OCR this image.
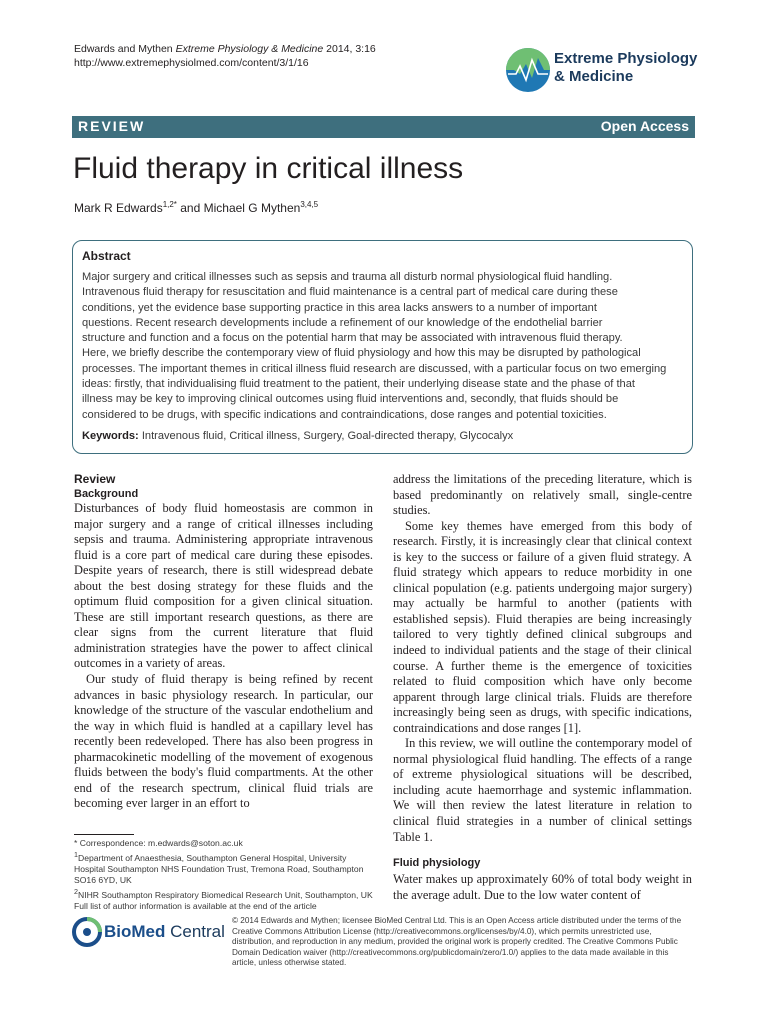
Edwards and Mythen Extreme Physiology & Medicine 2014, 3:16
http://www.extremephysiolmed.com/content/3/1/16	Extreme Physiology
& Medicine
REVIEW	Open Access
Fluid therapy in critical illness
Mark R Edwards$^{1,2*}$ and Michael G Mythen$^{3,4,5}$
Abstract
Major surgery and critical illnesses such as sepsis and trauma all disturb normal physiological fluid handling.
Intravenous fluid therapy for resuscitation and fluid maintenance is a central part of medical care during these
conditions, yet the evidence base supporting practice in this area lacks answers to a number of important
questions. Recent research developments include a refinement of our knowledge of the endothelial barrier
structure and function and a focus on the potential harm that may be associated with intravenous fluid therapy.
Here, we briefly describe the contemporary view of fluid physiology and how this may be disrupted by pathological
processes. The important themes in critical illness fluid research are discussed, with a particular focus on two emerging
ideas: firstly, that individualising fluid treatment to the patient, their underlying disease state and the phase of that
illness may be key to improving clinical outcomes using fluid interventions and, secondly, that fluids should be
considered to be drugs, with specific indications and contraindications, dose ranges and potential toxicities.
Keywords: Intravenous fluid, Critical illness, Surgery, Goal-directed therapy, Glycocalyx
Review
Background

Disturbances of body fluid homeostasis are common in major surgery and a range of critical illnesses including sepsis and trauma. Administering appropriate intravenous fluid is a core part of medical care during these episodes. Despite years of research, there is still widespread debate about the best dosing strategy for these fluids and the optimum fluid composition for a given clinical situation. These are still important research questions, as there are clear signs from the current literature that fluid administration strategies have the power to affect clinical outcomes in a variety of areas.

Our study of fluid therapy is being refined by recent advances in basic physiology research. In particular, our knowledge of the structure of the vascular endothelium and the way in which fluid is handled at a capillary level has recently been redeveloped. There has also been progress in pharmacokinetic modelling of the movement of exogenous fluids between the body's fluid compartments. At the other end of the research spectrum, clinical fluid trials are becoming ever larger in an effort to

address the limitations of the preceding literature, which is based predominantly on relatively small, single-centre studies.

Some key themes have emerged from this body of research. Firstly, it is increasingly clear that clinical context is key to the success or failure of a given fluid strategy. A fluid strategy which appears to reduce morbidity in one clinical population (e.g. patients undergoing major surgery) may actually be harmful to another (patients with established sepsis). Fluid therapies are being increasingly tailored to very tightly defined clinical subgroups and indeed to individual patients and the stage of their clinical course. A further theme is the emergence of toxicities related to fluid composition which have only become apparent through large clinical trials. Fluids are therefore increasingly being seen as drugs, with specific indications, contraindications and dose ranges [1].

In this review, we will outline the contemporary model of normal physiological fluid handling. The effects of a range of extreme physiological situations will be described, including acute haemorrhage and systemic inflammation. We will then review the latest literature in relation to clinical fluid strategies in a number of clinical settings Table 1.

Fluid physiology

Water makes up approximately 60% of total body weight in the average adult. Due to the low water content of

* Correspondence: m.edwards@soton.ac.uk

$^1$Department of Anaesthesia, Southampton General Hospital, University Hospital Southampton NHS Foundation Trust, Tremona Road, Southampton SO16 6YD, UK

$^2$NIHR Southampton Respiratory Biomedical Research Unit, Southampton, UK

Full list of author information is available at the end of the article

BioMed Central
© 2014 Edwards and Mythen; licensee BioMed Central Ltd. This is an Open Access article distributed under the terms of the Creative Commons Attribution License (http://creativecommons.org/licenses/by/4.0), which permits unrestricted use, distribution, and reproduction in any medium, provided the original work is properly credited. The Creative Commons Public Domain Dedication waiver (http://creativecommons.org/publicdomain/zero/1.0/) applies to the data made available in this article, unless otherwise stated.
